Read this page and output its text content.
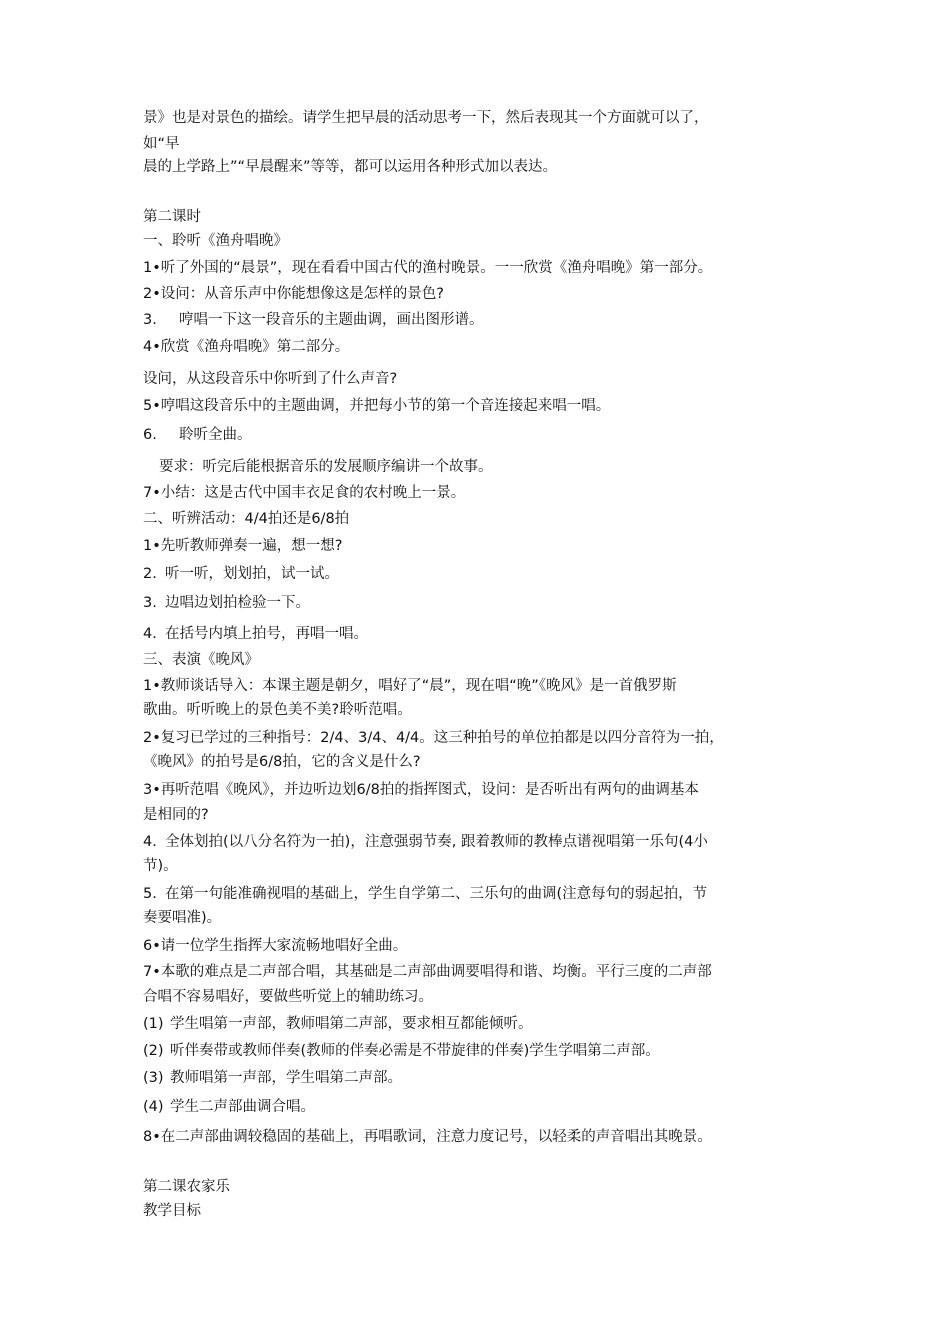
景》也是对景色的描绘。请学生把早晨的活动思考一下，然后表现其一个方面就可以了，
如“早
晨的上学路上”“早晨醒来”等等，都可以运用各种形式加以表达。
第二课时
一、聆听《渔舟唱晚》
1•听了外国的“晨景”，现在看看中国古代的渔村晚景。一一欣赏《渔舟唱晚》第一部分。
2•设问：从音乐声中你能想像这是怎样的景色?
3. 哼唱一下这一段音乐的主题曲调，画出图形谱。
4•欣赏《渔舟唱晚》第二部分。
设问，从这段音乐中你听到了什么声音?
5•哼唱这段音乐中的主题曲调，并把每小节的第一个音连接起来唱一唱。
6. 聆听全曲。
要求：听完后能根据音乐的发展顺序编讲一个故事。
7•小结：这是古代中国丰衣足食的农村晚上一景。
二、听辨活动：4/4拍还是6/8拍
1•先听教师弹奏一遍，想一想?
2. 听一听，划划拍，试一试。
3. 边唱边划拍检验一下。
4. 在括号内填上拍号，再唱一唱。
三、表演《晚风》
1•教师谈话导入：本课主题是朝夕，唱好了“晨”，现在唱“晚”《晚风》是一首俄罗斯
歌曲。听听晚上的景色美不美?聆听范唱。
2•复习已学过的三种指号：2/4、3/4、4/4。这三种拍号的单位拍都是以四分音符为一拍，
《晚风》的拍号是6/8拍，它的含义是什么?
3•再听范唱《晚风》，并边听边划6/8拍的指挥图式，设问：是否听出有两句的曲调基本
是相同的?
4. 全体划拍(以八分名符为一拍)，注意强弱节奏, 跟着教师的教棒点谱视唱第一乐句(4小
节)。
5. 在第一句能准确视唱的基础上，学生自学第二、三乐句的曲调(注意每句的弱起拍，节
奏要唱准)。
6•请一位学生指挥大家流畅地唱好全曲。
7•本歌的难点是二声部合唱，其基础是二声部曲调要唱得和谐、均衡。平行三度的二声部
合唱不容易唱好，要做些听觉上的辅助练习。
(1) 学生唱第一声部，教师唱第二声部，要求相互都能倾听。
(2) 听伴奏带或教师伴奏(教师的伴奏必需是不带旋律的伴奏)学生学唱第二声部。
(3) 教师唱第一声部，学生唱第二声部。
(4) 学生二声部曲调合唱。
8•在二声部曲调较稳固的基础上，再唱歌词，注意力度记号，以轻柔的声音唱出其晚景。
第二课农家乐
教学目标
